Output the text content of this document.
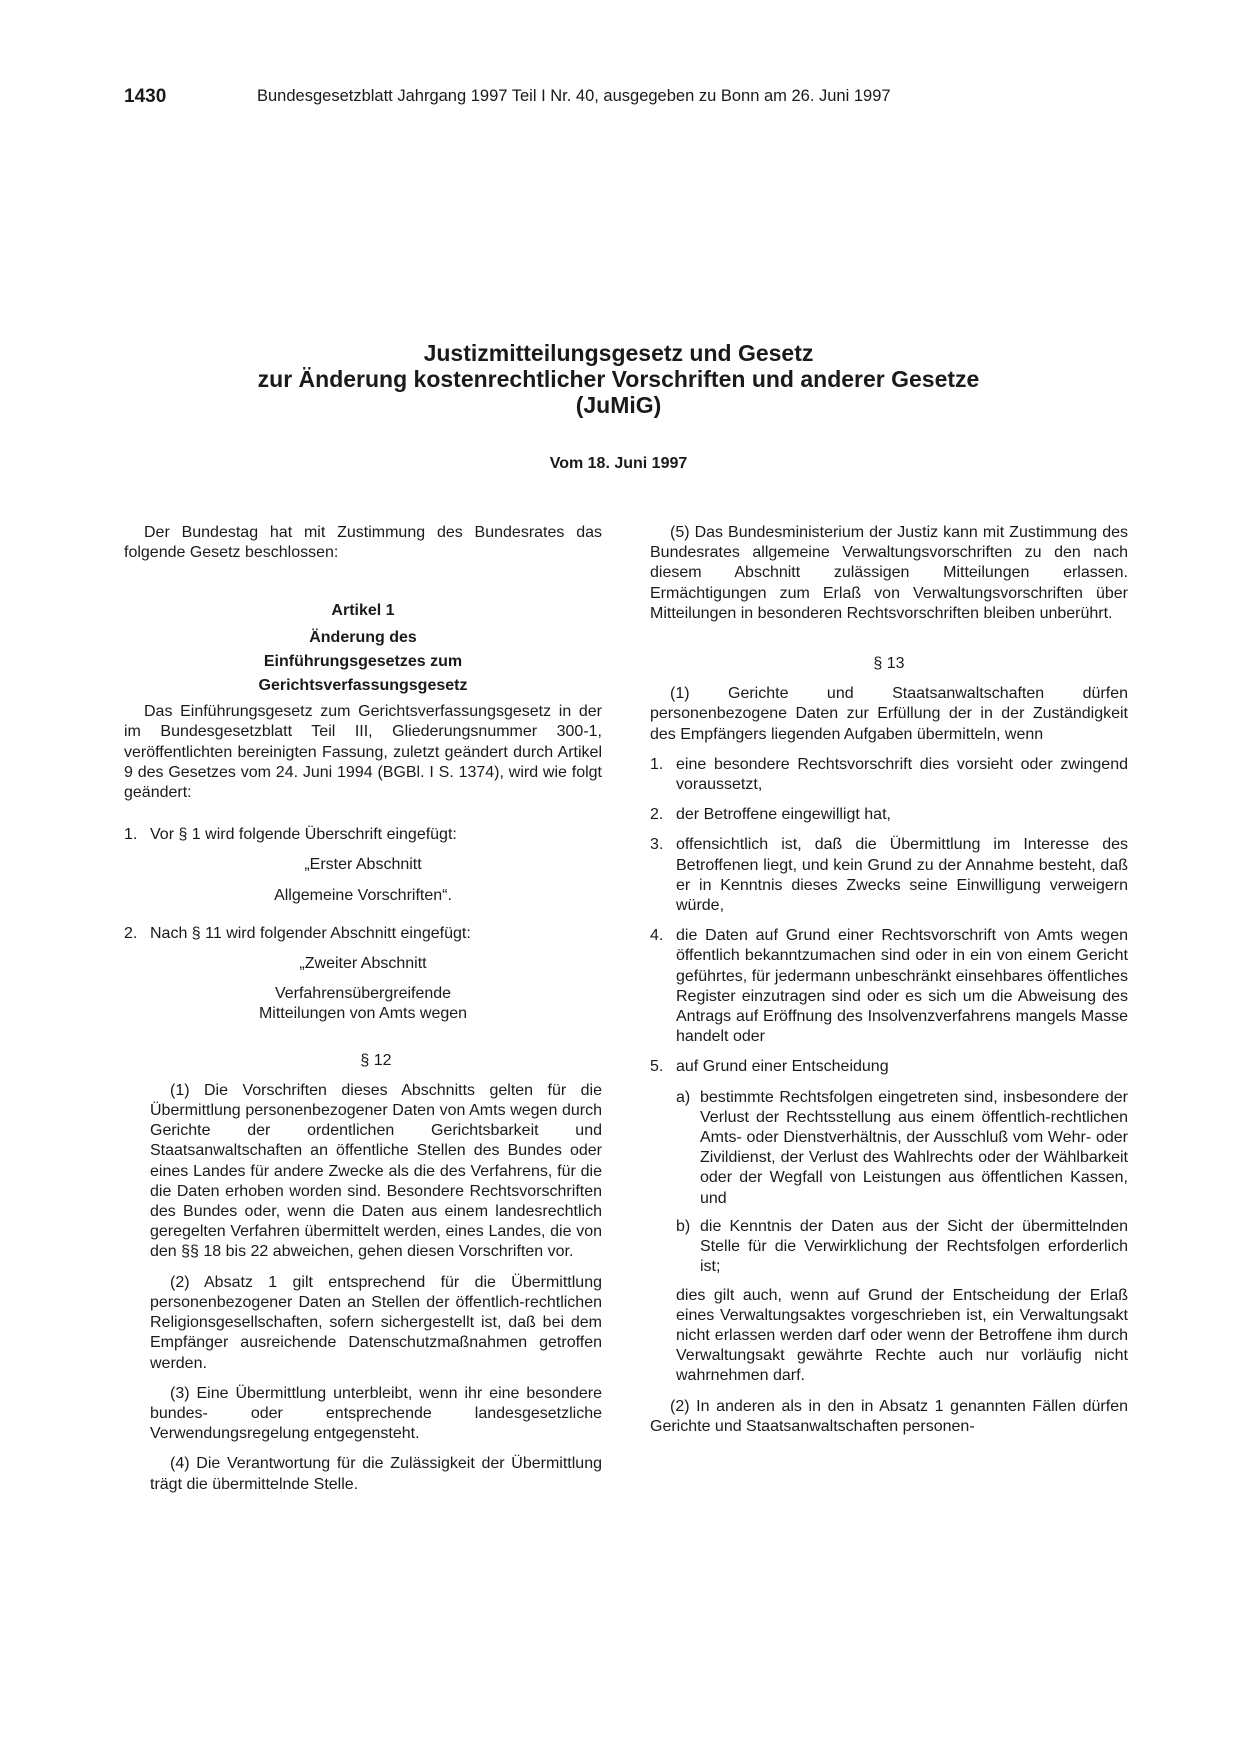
1430	Bundesgesetzblatt Jahrgang 1997 Teil I Nr. 40, ausgegeben zu Bonn am 26. Juni 1997
Justizmitteilungsgesetz und Gesetz
zur Änderung kostenrechtlicher Vorschriften und anderer Gesetze
(JuMiG)
Vom 18. Juni 1997

Der Bundestag hat mit Zustimmung des Bundesrates das folgende Gesetz beschlossen:

Artikel 1
Änderung des
Einführungsgesetzes zum
Gerichtsverfassungsgesetz

Das Einführungsgesetz zum Gerichtsverfassungsgesetz in der im Bundesgesetzblatt Teil III, Gliederungsnummer 300-1, veröffentlichten bereinigten Fassung, zuletzt geändert durch Artikel 9 des Gesetzes vom 24. Juni 1994 (BGBl. I S. 1374), wird wie folgt geändert:

1. Vor § 1 wird folgende Überschrift eingefügt:
„Erster Abschnitt
Allgemeine Vorschriften“.
2. Nach § 11 wird folgender Abschnitt eingefügt:
„Zweiter Abschnitt
Verfahrensübergreifende
Mitteilungen von Amts wegen
§ 12

(1) Die Vorschriften dieses Abschnitts gelten für die Übermittlung personenbezogener Daten von Amts wegen durch Gerichte der ordentlichen Gerichtsbarkeit und Staatsanwaltschaften an öffentliche Stellen des Bundes oder eines Landes für andere Zwecke als die des Verfahrens, für die die Daten erhoben worden sind. Besondere Rechtsvorschriften des Bundes oder, wenn die Daten aus einem landesrechtlich geregelten Verfahren übermittelt werden, eines Landes, die von den §§ 18 bis 22 abweichen, gehen diesen Vorschriften vor.

(2) Absatz 1 gilt entsprechend für die Übermittlung personenbezogener Daten an Stellen der öffentlich-rechtlichen Religionsgesellschaften, sofern sichergestellt ist, daß bei dem Empfänger ausreichende Datenschutzmaßnahmen getroffen werden.

(3) Eine Übermittlung unterbleibt, wenn ihr eine besondere bundes- oder entsprechende landesgesetzliche Verwendungsregelung entgegensteht.

(4) Die Verantwortung für die Zulässigkeit der Übermittlung trägt die übermittelnde Stelle.

(5) Das Bundesministerium der Justiz kann mit Zustimmung des Bundesrates allgemeine Verwaltungsvorschriften zu den nach diesem Abschnitt zulässigen Mitteilungen erlassen. Ermächtigungen zum Erlaß von Verwaltungsvorschriften über Mitteilungen in besonderen Rechtsvorschriften bleiben unberührt.

§ 13

(1) Gerichte und Staatsanwaltschaften dürfen personenbezogene Daten zur Erfüllung der in der Zuständigkeit des Empfängers liegenden Aufgaben übermitteln, wenn

1. eine besondere Rechtsvorschrift dies vorsieht oder zwingend voraussetzt,
2. der Betroffene eingewilligt hat,
3. offensichtlich ist, daß die Übermittlung im Interesse des Betroffenen liegt, und kein Grund zu der Annahme besteht, daß er in Kenntnis dieses Zwecks seine Einwilligung verweigern würde,
4. die Daten auf Grund einer Rechtsvorschrift von Amts wegen öffentlich bekanntzumachen sind oder in ein von einem Gericht geführtes, für jedermann unbeschränkt einsehbares öffentliches Register einzutragen sind oder es sich um die Abweisung des Antrags auf Eröffnung des Insolvenzverfahrens mangels Masse handelt oder
5. auf Grund einer Entscheidung
a) bestimmte Rechtsfolgen eingetreten sind, insbesondere der Verlust der Rechtsstellung aus einem öffentlich-rechtlichen Amts- oder Dienstverhältnis, der Ausschluß vom Wehr- oder Zivildienst, der Verlust des Wahlrechts oder der Wählbarkeit oder der Wegfall von Leistungen aus öffentlichen Kassen, und
b) die Kenntnis der Daten aus der Sicht der übermittelnden Stelle für die Verwirklichung der Rechtsfolgen erforderlich ist;

dies gilt auch, wenn auf Grund der Entscheidung der Erlaß eines Verwaltungsaktes vorgeschrieben ist, ein Verwaltungsakt nicht erlassen werden darf oder wenn der Betroffene ihm durch Verwaltungsakt gewährte Rechte auch nur vorläufig nicht wahrnehmen darf.

(2) In anderen als in den in Absatz 1 genannten Fällen dürfen Gerichte und Staatsanwaltschaften personen-
